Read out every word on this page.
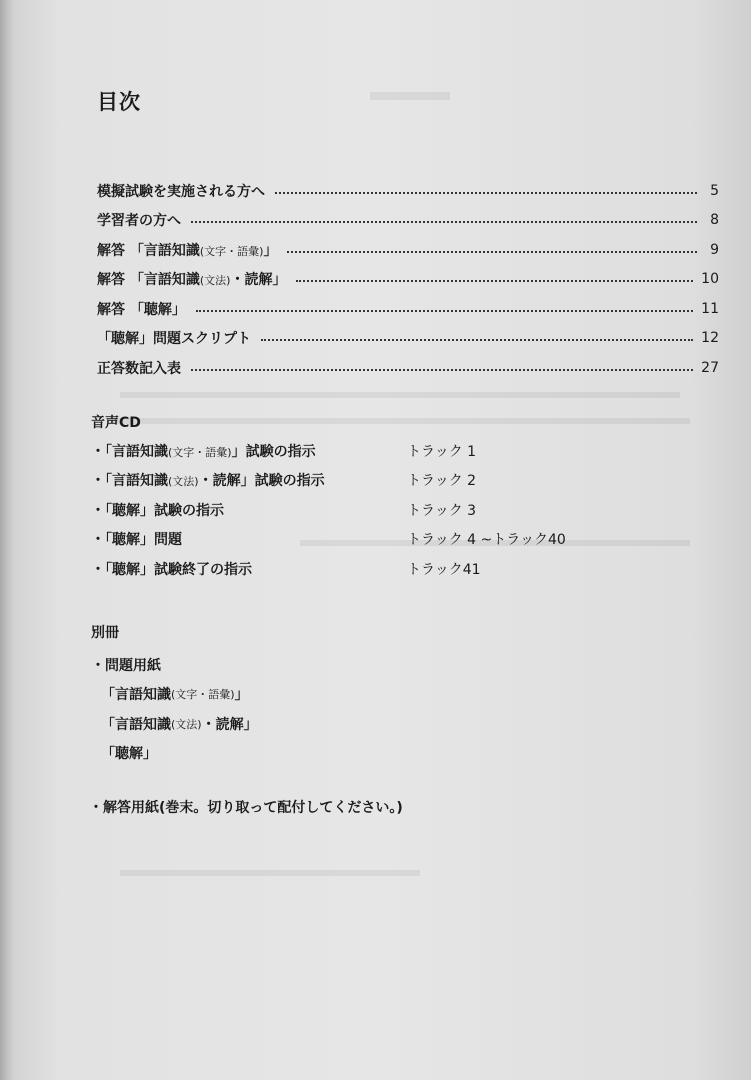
目次
模擬試験を実施される方へ	5
学習者の方へ	8
解答 「言語知識(文字・語彙)」	9
解答 「言語知識(文法)・読解」	10
解答 「聴解」	11
「聴解」問題スクリプト	12
正答数記入表	27
音声CD
・「言語知識(文字・語彙)」試験の指示	トラック 1
・「言語知識(文法)・読解」試験の指示	トラック 2
・「聴解」試験の指示	トラック 3
・「聴解」問題	トラック 4 ~トラック40
・「聴解」試験終了の指示	トラック41
別冊
・問題用紙
「言語知識 (文字・語彙) 」
「言語知識 (文法) ・読解」
「聴解」

・解答用紙(巻末。切り取って配付してください。)
